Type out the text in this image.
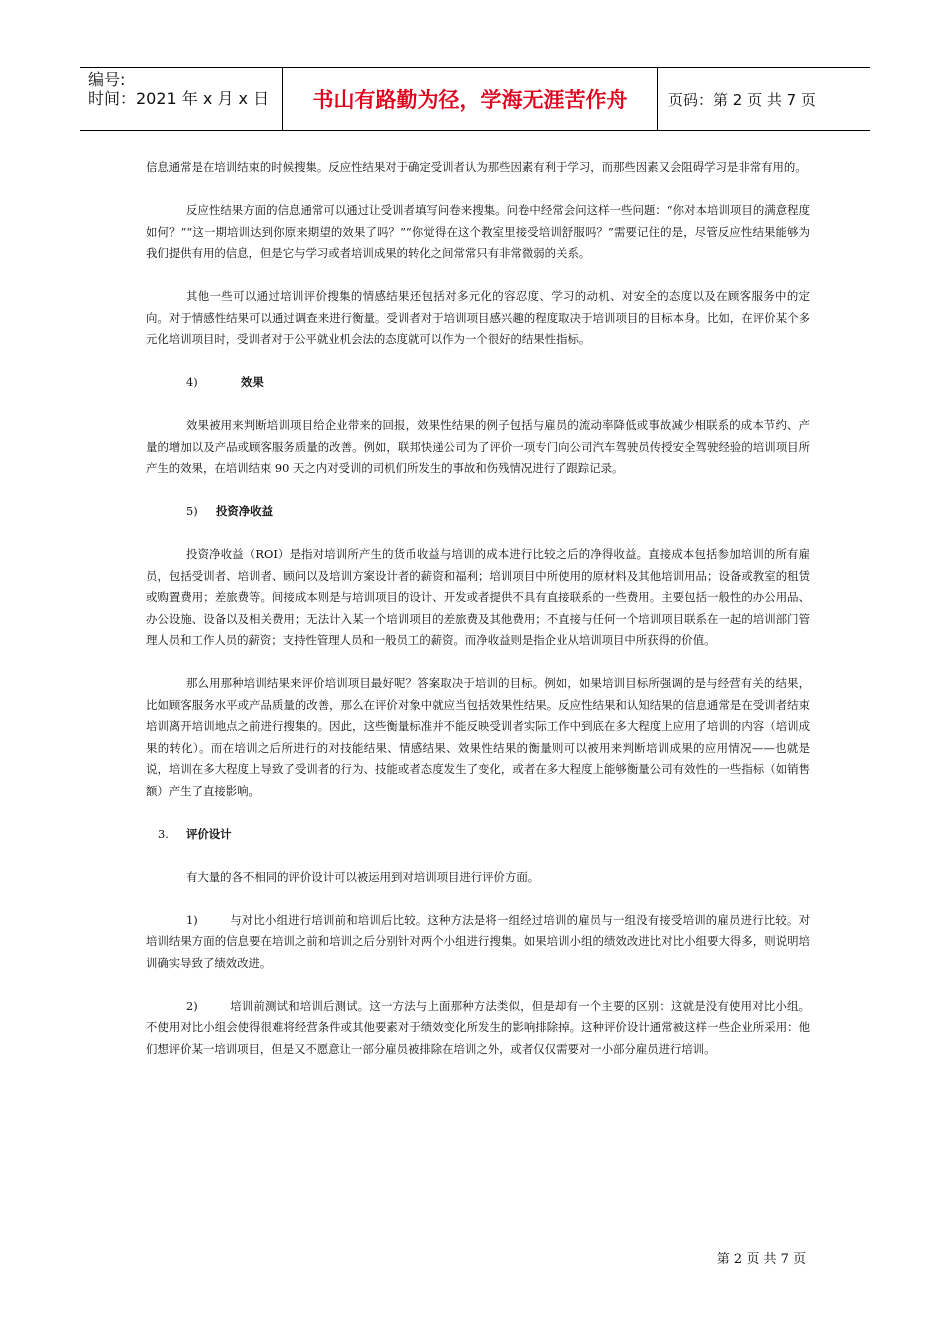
编号:
时间：2021 年 x 月 x 日	书山有路勤为径，学海无涯苦作舟	页码：第 2 页 共 7 页

信息通常是在培训结束的时候搜集。反应性结果对于确定受训者认为那些因素有利于学习，而那些因素又会阻碍学习是非常有用的。

反应性结果方面的信息通常可以通过让受训者填写问卷来搜集。问卷中经常会问这样一些问题：“你对本培训项目的满意程度如何？”“这一期培训达到你原来期望的效果了吗？”“你觉得在这个教室里接受培训舒服吗？”需要记住的是，尽管反应性结果能够为我们提供有用的信息，但是它与学习或者培训成果的转化之间常常只有非常微弱的关系。

其他一些可以通过培训评价搜集的情感结果还包括对多元化的容忍度、学习的动机、对安全的态度以及在顾客服务中的定向。对于情感性结果可以通过调查来进行衡量。受训者对于培训项目感兴趣的程度取决于培训项目的目标本身。比如，在评价某个多元化培训项目时，受训者对于公平就业机会法的态度就可以作为一个很好的结果性指标。

4)	效果

效果被用来判断培训项目给企业带来的回报，效果性结果的例子包括与雇员的流动率降低或事故减少相联系的成本节约、产量的增加以及产品或顾客服务质量的改善。例如，联邦快递公司为了评价一项专门向公司汽车驾驶员传授安全驾驶经验的培训项目所产生的效果，在培训结束 90 天之内对受训的司机们所发生的事故和伤残情况进行了跟踪记录。

5) 投资净收益

投资净收益（ROI）是指对培训所产生的货币收益与培训的成本进行比较之后的净得收益。直接成本包括参加培训的所有雇员，包括受训者、培训者、顾问以及培训方案设计者的薪资和福利；培训项目中所使用的原材料及其他培训用品；设备或教室的租赁或购置费用；差旅费等。间接成本则是与培训项目的设计、开发或者提供不具有直接联系的一些费用。主要包括一般性的办公用品、办公设施、设备以及相关费用；无法计入某一个培训项目的差旅费及其他费用；不直接与任何一个培训项目联系在一起的培训部门管理人员和工作人员的薪资；支持性管理人员和一般员工的薪资。而净收益则是指企业从培训项目中所获得的价值。

那么用那种培训结果来评价培训项目最好呢？答案取决于培训的目标。例如，如果培训目标所强调的是与经营有关的结果，比如顾客服务水平或产品质量的改善，那么在评价对象中就应当包括效果性结果。反应性结果和认知结果的信息通常是在受训者结束培训离开培训地点之前进行搜集的。因此，这些衡量标准并不能反映受训者实际工作中到底在多大程度上应用了培训的内容（培训成果的转化）。而在培训之后所进行的对技能结果、情感结果、效果性结果的衡量则可以被用来判断培训成果的应用情况——也就是说，培训在多大程度上导致了受训者的行为、技能或者态度发生了变化，或者在多大程度上能够衡量公司有效性的一些指标（如销售额）产生了直接影响。

3. 评价设计

有大量的各不相同的评价设计可以被运用到对培训项目进行评价方面。

1)	与对比小组进行培训前和培训后比较。这种方法是将一组经过培训的雇员与一组没有接受培训的雇员进行比较。对培训结果方面的信息要在培训之前和培训之后分别针对两个小组进行搜集。如果培训小组的绩效改进比对比小组要大得多，则说明培训确实导致了绩效改进。

2)	培训前测试和培训后测试。这一方法与上面那种方法类似，但是却有一个主要的区别：这就是没有使用对比小组。不使用对比小组会使得很难将经营条件或其他要素对于绩效变化所发生的影响排除掉。这种评价设计通常被这样一些企业所采用：他们想评价某一培训项目，但是又不愿意让一部分雇员被排除在培训之外，或者仅仅需要对一小部分雇员进行培训。

第 2 页 共 7 页
